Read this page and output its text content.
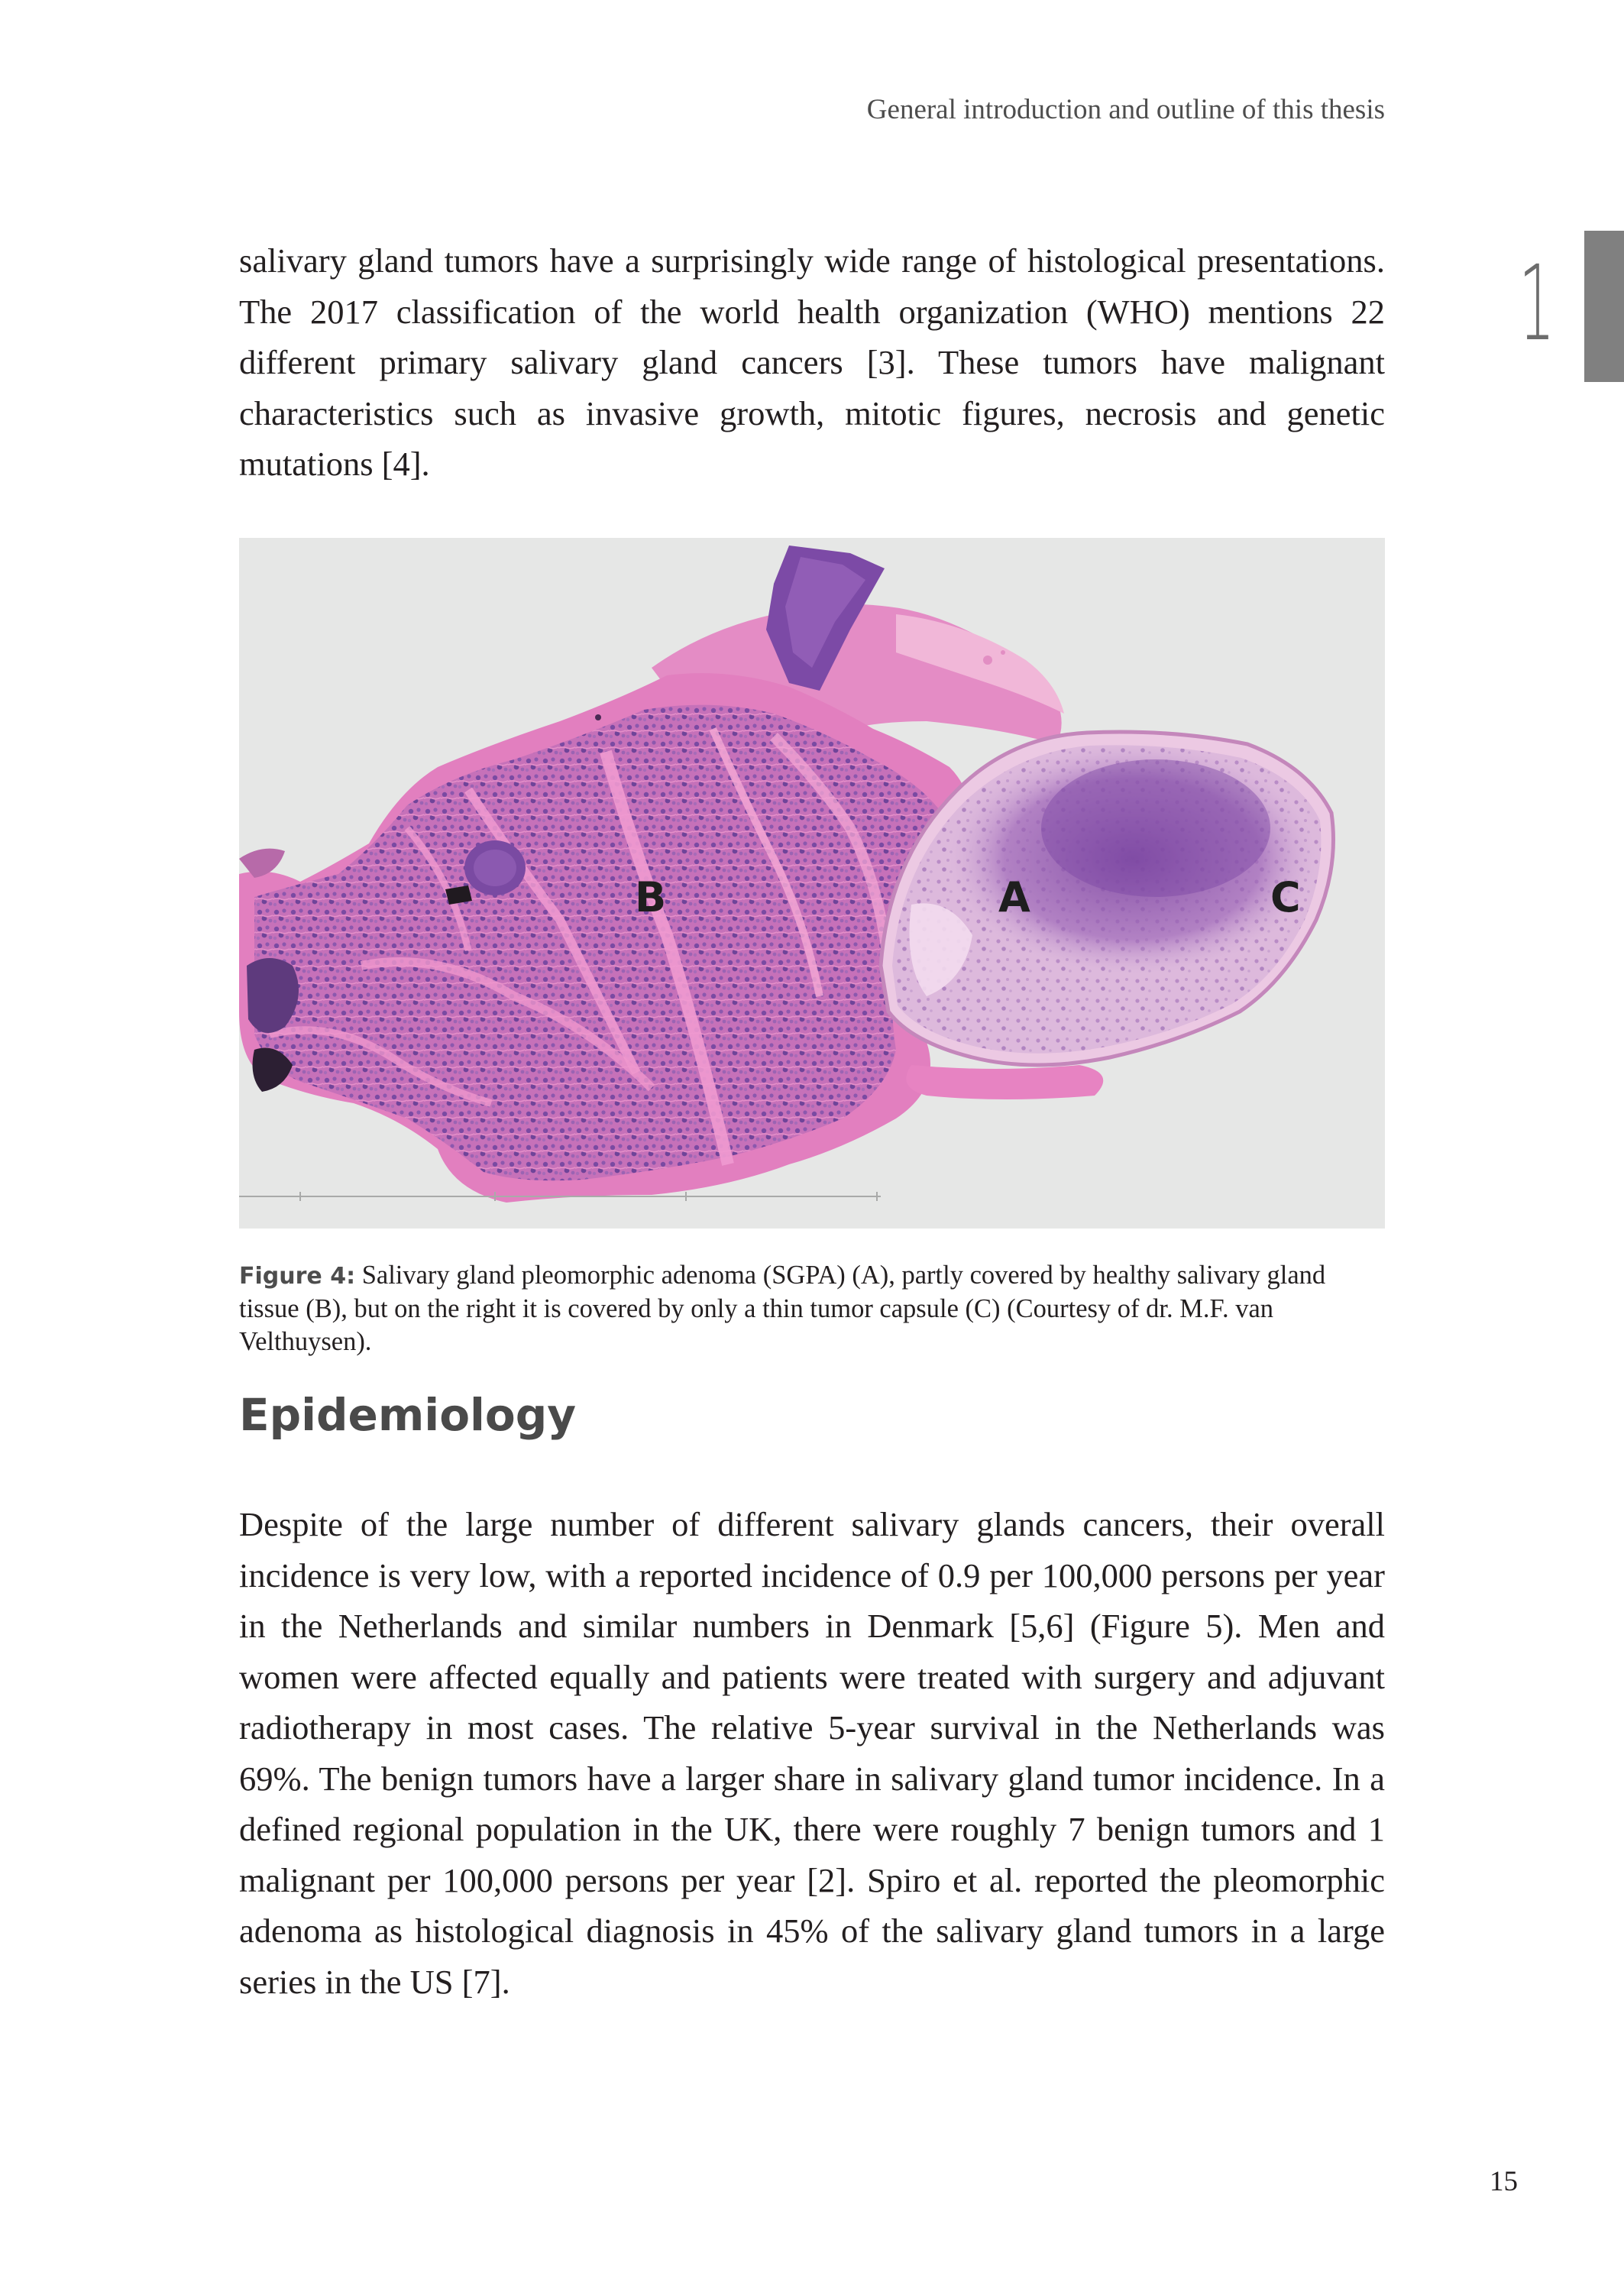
General introduction and outline of this thesis
1

salivary gland tumors have a surprisingly wide range of histological presentations. The 2017 classification of the world health organization (WHO) mentions 22 different primary salivary gland cancers [3]. These tumors have malignant characteristics such as invasive growth, mitotic figures, necrosis and genetic mutations [4].

B	A	C

Figure 4: Salivary gland pleomorphic adenoma (SGPA) (A), partly covered by healthy salivary gland tissue (B), but on the right it is covered by only a thin tumor capsule (C) (Courtesy of dr. M.F. van Velthuysen).

Epidemiology

Despite of the large number of different salivary glands cancers, their overall incidence is very low, with a reported incidence of 0.9 per 100,000 persons per year in the Netherlands and similar numbers in Denmark [5,6] (Figure 5). Men and women were affected equally and patients were treated with surgery and adjuvant radiotherapy in most cases. The relative 5-year survival in the Netherlands was 69%. The benign tumors have a larger share in salivary gland tumor incidence. In a defined regional population in the UK, there were roughly 7 benign tumors and 1 malignant per 100,000 persons per year [2]. Spiro et al. reported the pleomorphic adenoma as histological diagnosis in 45% of the salivary gland tumors in a large series in the US [7].

15
